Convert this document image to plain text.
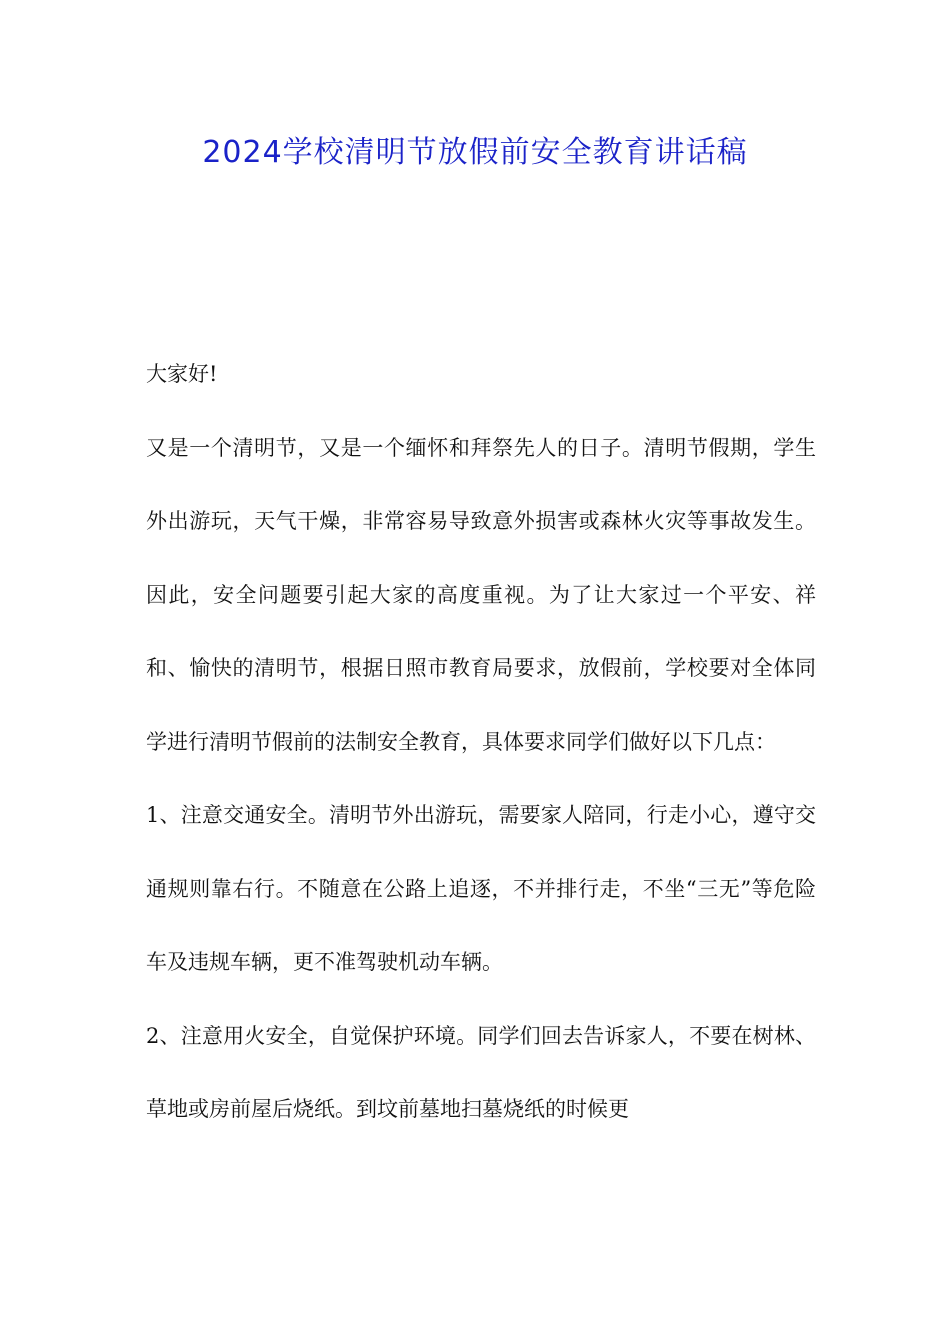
2024学校清明节放假前安全教育讲话稿

大家好!

又是一个清明节，又是一个缅怀和拜祭先人的日子。清明节假期，学生外出游玩，天气干燥，非常容易导致意外损害或森林火灾等事故发生。因此，安全问题要引起大家的高度重视。为了让大家过一个平安、祥和、愉快的清明节，根据日照市教育局要求，放假前，学校要对全体同学进行清明节假前的法制安全教育，具体要求同学们做好以下几点：

1、注意交通安全。清明节外出游玩，需要家人陪同，行走小心，遵守交通规则靠右行。不随意在公路上追逐，不并排行走，不坐“三无”等危险车及违规车辆，更不准驾驶机动车辆。

2、注意用火安全，自觉保护环境。同学们回去告诉家人，不要在树林、草地或房前屋后烧纸。到坟前墓地扫墓烧纸的时候更
